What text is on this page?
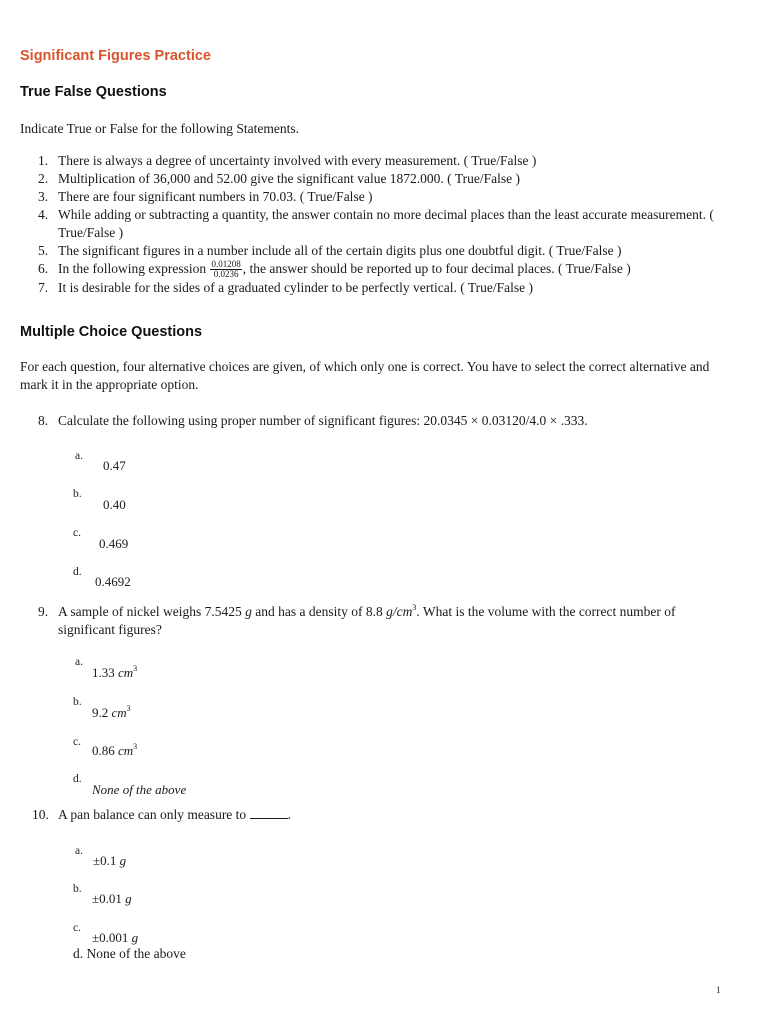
Significant Figures Practice
True False Questions
Indicate True or False for the following Statements.
1. There is always a degree of uncertainty involved with every measurement. ( True/False )
2. Multiplication of 36,000 and 52.00 give the significant value 1872.000. ( True/False )
3. There are four significant numbers in 70.03. ( True/False )
4. While adding or subtracting a quantity, the answer contain no more decimal places than the least accurate measurement. ( True/False )
5. The significant figures in a number include all of the certain digits plus one doubtful digit. ( True/False )
6. In the following expression $\frac{0.01208}{0.0236}$ , the answer should be reported up to four decimal places. ( True/False )
7. It is desirable for the sides of a graduated cylinder to be perfectly vertical. ( True/False )
Multiple Choice Questions
For each question, four alternative choices are given, of which only one is correct. You have to select the correct alternative and mark it in the appropriate option.
8. Calculate the following using proper number of significant figures: 20.0345 × 0.03120/4.0 × .333.
a.
0.47
b.
0.40
c.
0.469
d.
0.4692
9. A sample of nickel weighs 7.5425 g and has a density of 8.8 $g/cm^3$. What is the volume with the correct number of significant figures?
a.
1.33 $cm^3$
b.
9.2 $cm^3$
c.
0.86 $cm^3$
d.
None of the above
10. A pan balance can only measure to	.
a.
±0.1 g
b.
±0.01 g
c.
±0.001 g
d. None of the above
1
